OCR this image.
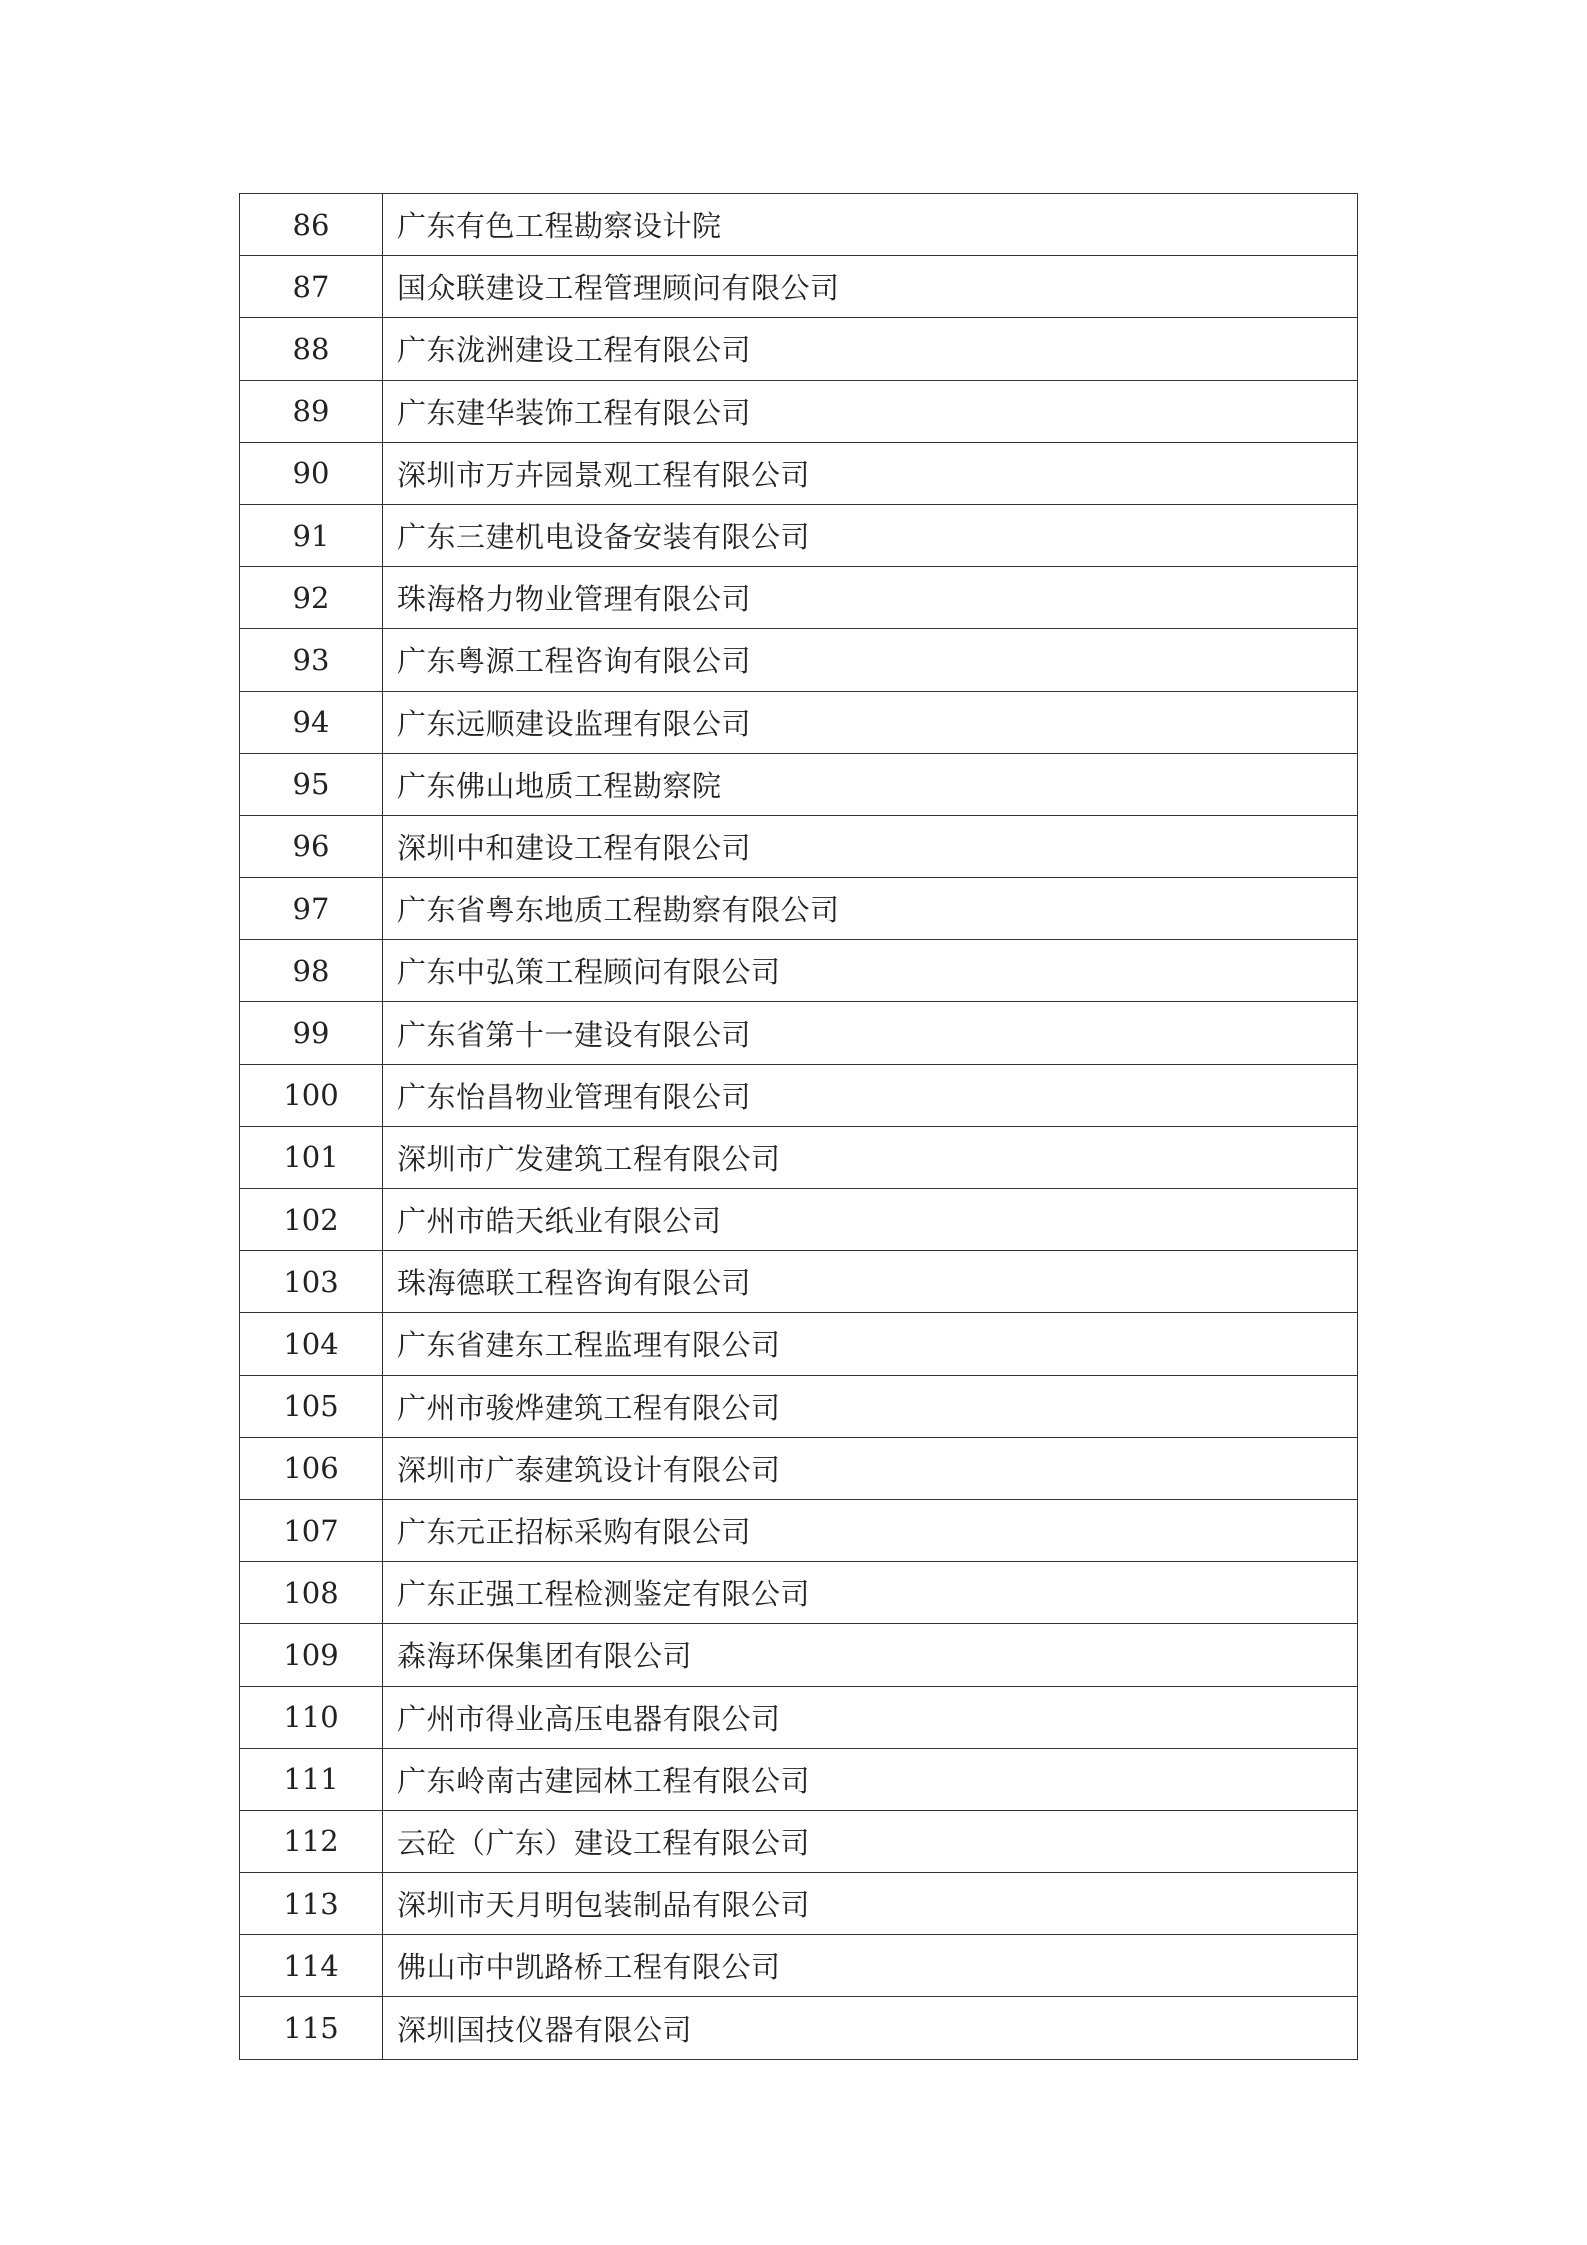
86	广东有色工程勘察设计院
87	国众联建设工程管理顾问有限公司
88	广东泷洲建设工程有限公司
89	广东建华装饰工程有限公司
90	深圳市万卉园景观工程有限公司
91	广东三建机电设备安装有限公司
92	珠海格力物业管理有限公司
93	广东粤源工程咨询有限公司
94	广东远顺建设监理有限公司
95	广东佛山地质工程勘察院
96	深圳中和建设工程有限公司
97	广东省粤东地质工程勘察有限公司
98	广东中弘策工程顾问有限公司
99	广东省第十一建设有限公司
100	广东怡昌物业管理有限公司
101	深圳市广发建筑工程有限公司
102	广州市皓天纸业有限公司
103	珠海德联工程咨询有限公司
104	广东省建东工程监理有限公司
105	广州市骏烨建筑工程有限公司
106	深圳市广泰建筑设计有限公司
107	广东元正招标采购有限公司
108	广东正强工程检测鉴定有限公司
109	森海环保集团有限公司
110	广州市得业高压电器有限公司
111	广东岭南古建园林工程有限公司
112	云砼（广东）建设工程有限公司
113	深圳市天月明包装制品有限公司
114	佛山市中凯路桥工程有限公司
115	深圳国技仪器有限公司
